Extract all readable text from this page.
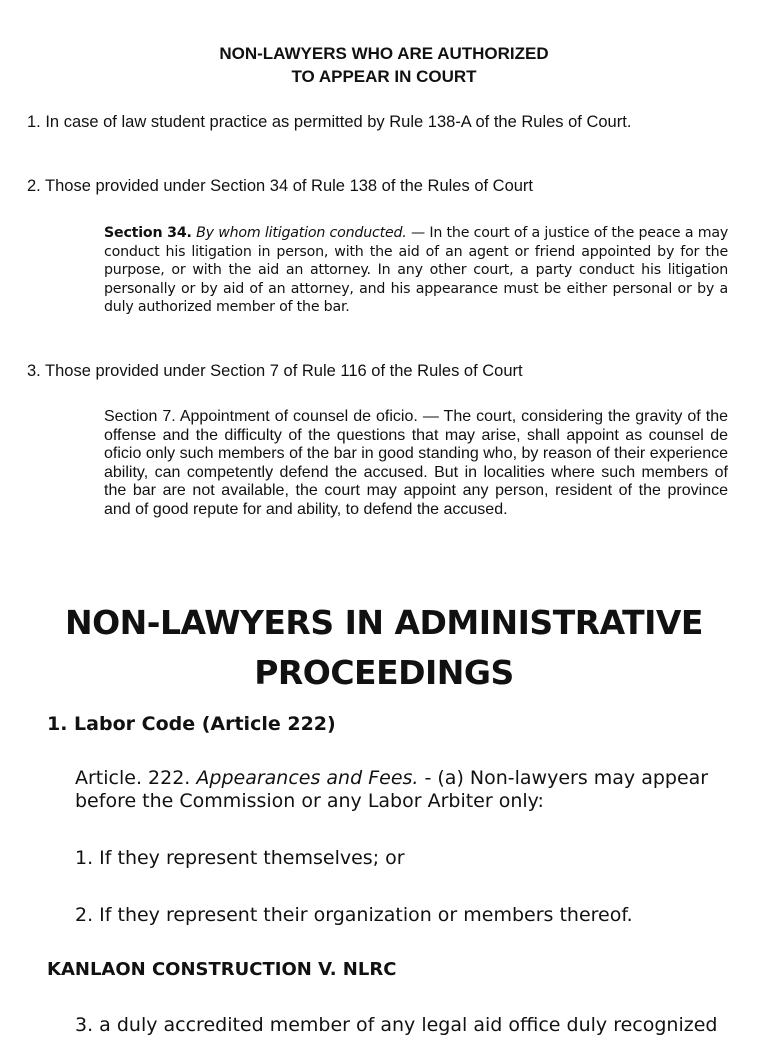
NON-LAWYERS WHO ARE AUTHORIZED
TO APPEAR IN COURT
1. In case of law student practice as permitted by Rule 138-A of the Rules of Court.
2. Those provided under Section 34 of Rule 138 of the Rules of Court
Section 34. By whom litigation conducted. — In the court of a justice of the peace a may conduct his litigation in person, with the aid of an agent or friend appointed by for the purpose, or with the aid an attorney. In any other court, a party conduct his litigation personally or by aid of an attorney, and his appearance must be either personal or by a duly authorized member of the bar.
3. Those provided under Section 7 of Rule 116 of the Rules of Court
Section 7. Appointment of counsel de oficio. — The court, considering the gravity of the offense and the difficulty of the questions that may arise, shall appoint as counsel de oficio only such members of the bar in good standing who, by reason of their experience ability, can competently defend the accused. But in localities where such members of the bar are not available, the court may appoint any person, resident of the province and of good repute for and ability, to defend the accused.
NON-LAWYERS IN ADMINISTRATIVE
PROCEEDINGS
1. Labor Code (Article 222)
Article. 222. Appearances and Fees. - (a) Non-lawyers may appear before the Commission or any Labor Arbiter only:
1. If they represent themselves; or
2. If they represent their organization or members thereof.
KANLAON CONSTRUCTION V. NLRC
3. a duly accredited member of any legal aid office duly recognized
